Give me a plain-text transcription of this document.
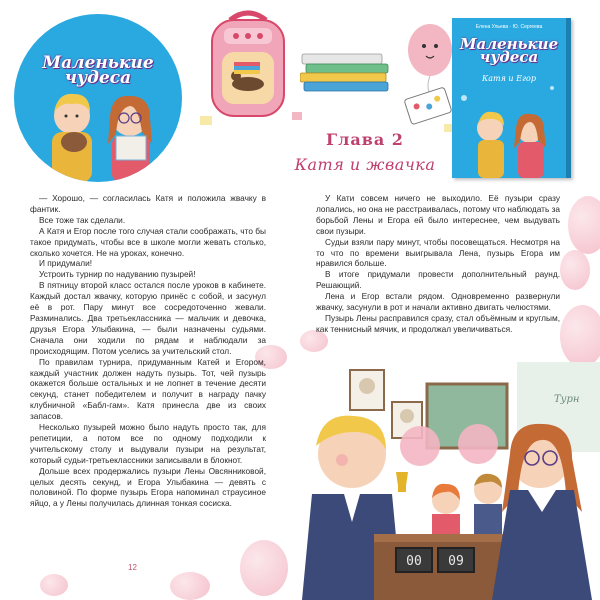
Маленькие
чудеса
Елена Ульева · Ю. Сергеева
Маленькие
чудеса
Катя и Егор
Глава 2
Катя и жвачка

— Хорошо, — согласилась Катя и положила жвачку в фантик.

Все тоже так сделали.

А Катя и Егор после того случая стали соображать, что бы такое придумать, чтобы все в школе могли жевать столько, сколько хочется. Не на уроках, конечно.

И придумали!

Устроить турнир по надуванию пузырей!

В пятницу второй класс остался после уроков в кабинете. Каждый достал жвачку, которую принёс с собой, и засунул её в рот. Пару минут все сосредоточенно жевали. Разминались. Два третьеклассника — мальчик и девочка, друзья Егора Улыбакина, — были назначены судьями. Сначала они ходили по рядам и наблюдали за происходящим. Потом уселись за учительский стол.

По правилам турнира, придуманным Катей и Егором, каждый участник должен надуть пузырь. Тот, чей пузырь окажется больше остальных и не лопнет в течение десяти секунд, станет победителем и получит в награду пачку клубничной «Бабл-гам». Катя принесла две из своих запасов.

Несколько пузырей можно было надуть просто так, для репетиции, а потом все по одному подходили к учительскому столу и выдували пузыри на результат, который судьи-третьеклассники записывали в блокнот.

Дольше всех продержались пузыри Лены Овсянниковой, целых десять секунд, и Егора Улыбакина — девять с половиной. По форме пузырь Егора напоминал страусиное яйцо, а у Лены получилась длинная тонкая сосиска.

У Кати совсем ничего не выходило. Её пузыри сразу лопались, но она не расстраивалась, потому что наблюдать за борьбой Лены и Егора ей было интереснее, чем выдувать свои пузыри.

Судьи взяли пару минут, чтобы посовещаться. Несмотря на то что по времени выигрывала Лена, пузырь Егора им нравился больше.

В итоге придумали провести дополнительный раунд. Решающий.

Лена и Егор встали рядом. Одновременно развернули жвачку, засунули в рот и начали активно двигать челюстями.

Пузырь Лены расправился сразу, стал объёмным и круглым, как теннисный мячик, и продолжал увеличиваться.

12	00 09
Турн
